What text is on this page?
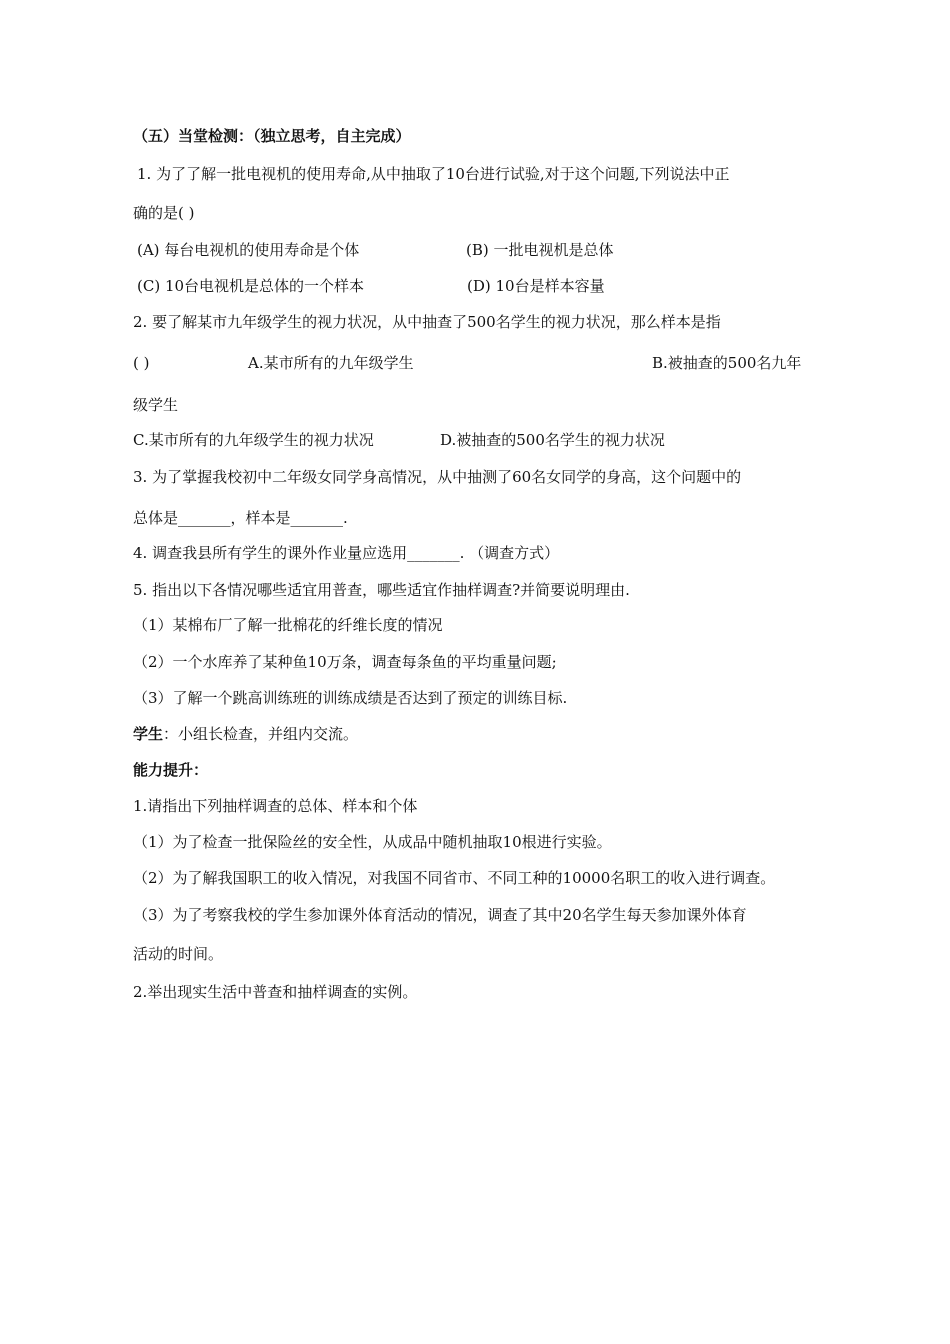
（五）当堂检测：（独立思考，自主完成）
1. 为了了解一批电视机的使用寿命,从中抽取了10台进行试验,对于这个问题,下列说法中正
确的是( )
(A) 每台电视机的使用寿命是个体	(B) 一批电视机是总体
(C) 10台电视机是总体的一个样本	(D) 10台是样本容量
2. 要了解某市九年级学生的视力状况，从中抽查了500名学生的视力状况，那么样本是指
( )	A.某市所有的九年级学生	B.被抽查的500名九年
级学生
C.某市所有的九年级学生的视力状况	D.被抽查的500名学生的视力状况
3. 为了掌握我校初中二年级女同学身高情况，从中抽测了60名女同学的身高，这个问题中的
总体是_______，样本是_______.
4. 调查我县所有学生的课外作业量应选用_______. （调查方式）
5. 指出以下各情况哪些适宜用普查，哪些适宜作抽样调查?并简要说明理由.
（1）某棉布厂了解一批棉花的纤维长度的情况
（2）一个水库养了某种鱼10万条，调查每条鱼的平均重量问题;
（3）了解一个跳高训练班的训练成绩是否达到了预定的训练目标.
学生：小组长检查，并组内交流。
能力提升：
1.请指出下列抽样调查的总体、样本和个体
（1）为了检查一批保险丝的安全性，从成品中随机抽取10根进行实验。
（2）为了解我国职工的收入情况，对我国不同省市、不同工种的10000名职工的收入进行调查。
（3）为了考察我校的学生参加课外体育活动的情况，调查了其中20名学生每天参加课外体育
活动的时间。
2.举出现实生活中普查和抽样调查的实例。
